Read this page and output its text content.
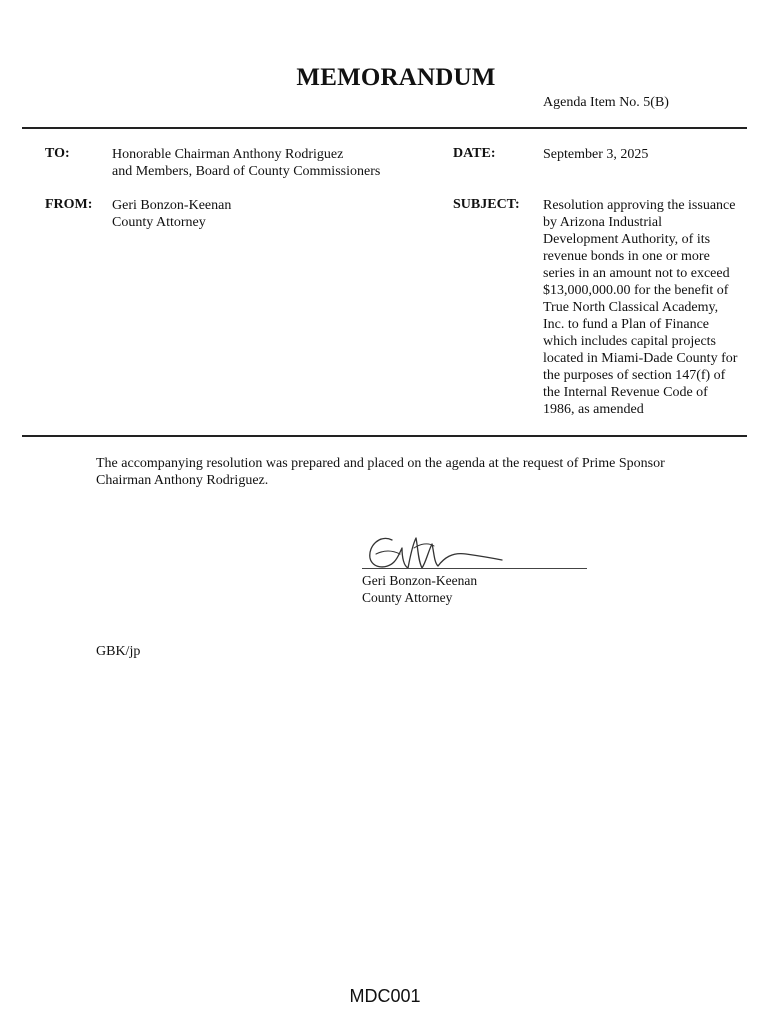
MEMORANDUM
Agenda Item No. 5(B)
TO:	Honorable Chairman Anthony Rodriguez
and Members, Board of County Commissioners
DATE:	September 3, 2025
FROM: Geri Bonzon-Keenan
County Attorney
SUBJECT: Resolution approving the issuance
by Arizona Industrial
Development Authority, of its
revenue bonds in one or more
series in an amount not to exceed
$13,000,000.00 for the benefit of
True North Classical Academy,
Inc. to fund a Plan of Finance
which includes capital projects
located in Miami-Dade County for
the purposes of section 147(f) of
the Internal Revenue Code of
1986, as amended
The accompanying resolution was prepared and placed on the agenda at the request of Prime Sponsor
Chairman Anthony Rodriguez.
Geri Bonzon-Keenan
County Attorney
GBK/jp
MDC001
